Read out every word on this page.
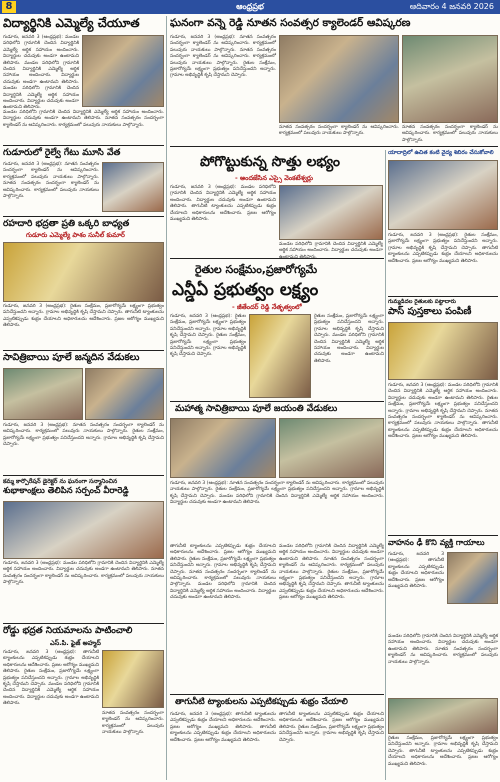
8	ఆంధ్రప్రభ	ఆదివారం 4 జనవరి 2026
విద్యార్థినికి ఎమ్మెల్యే చేయూత
గుడూరు, జనవరి 3 (ఆంధ్రప్రభ): మండల పరిధిలోని గ్రామానికి చెందిన విద్యార్థినికి ఎమ్మెల్యే ఆర్థిక సహాయం అందించారు. విద్యార్థుల చదువుకు అండగా ఉంటామని తెలిపారు. మండల పరిధిలోని గ్రామానికి చెందిన విద్యార్థినికి ఎమ్మెల్యే ఆర్థిక సహాయం అందించారు. విద్యార్థుల చదువుకు అండగా ఉంటామని తెలిపారు. మండల పరిధిలోని గ్రామానికి చెందిన విద్యార్థినికి ఎమ్మెల్యే ఆర్థిక సహాయం అందించారు. విద్యార్థుల చదువుకు అండగా ఉంటామని తెలిపారు.
మండల పరిధిలోని గ్రామానికి చెందిన విద్యార్థినికి ఎమ్మెల్యే ఆర్థిక సహాయం అందించారు. విద్యార్థుల చదువుకు అండగా ఉంటామని తెలిపారు. నూతన సంవత్సరం సందర్భంగా క్యాలెండర్ ను ఆవిష్కరించారు. కార్యక్రమంలో పలువురు నాయకులు పాల్గొన్నారు.
గుడూరులో రైల్వే గేటు మూసి వేత
గుడూరు, జనవరి 3 (ఆంధ్రప్రభ): నూతన సంవత్సరం సందర్భంగా క్యాలెండర్ ను ఆవిష్కరించారు. కార్యక్రమంలో పలువురు నాయకులు పాల్గొన్నారు. నూతన సంవత్సరం సందర్భంగా క్యాలెండర్ ను ఆవిష్కరించారు. కార్యక్రమంలో పలువురు నాయకులు పాల్గొన్నారు.
రహదారి భద్రతా ప్రతి ఒక్కరి బాధ్యత
గుడూరు ఎమ్మెల్యే పాశం సునీల్ కుమార్
గుడూరు, జనవరి 3 (ఆంధ్రప్రభ): రైతుల సంక్షేమం, ప్రజారోగ్యమే లక్ష్యంగా ప్రభుత్వం పనిచేస్తుందని అన్నారు. గ్రామాల అభివృద్ధికి కృషి చేస్తామని చెప్పారు. తాగునీటి ట్యాంకులను ఎప్పటికప్పుడు శుభ్రం చేయాలని అధికారులను ఆదేశించారు. ప్రజల ఆరోగ్యం ముఖ్యమని తెలిపారు.
సావిత్రిబాయి పూలే జన్మదిన వేడుకలు
గుడూరు, జనవరి 3 (ఆంధ్రప్రభ): నూతన సంవత్సరం సందర్భంగా క్యాలెండర్ ను ఆవిష్కరించారు. కార్యక్రమంలో పలువురు నాయకులు పాల్గొన్నారు. రైతుల సంక్షేమం, ప్రజారోగ్యమే లక్ష్యంగా ప్రభుత్వం పనిచేస్తుందని అన్నారు. గ్రామాల అభివృద్ధికి కృషి చేస్తామని చెప్పారు.
కమ్మ కార్పొరేషన్ డైరెక్టర్ ను ఘనంగా సన్మానించిన
శుభాకాంక్షలు తెలిపిన సర్పంచ్ వీరారెడ్డి
గుడూరు, జనవరి 3 (ఆంధ్రప్రభ): మండల పరిధిలోని గ్రామానికి చెందిన విద్యార్థినికి ఎమ్మెల్యే ఆర్థిక సహాయం అందించారు. విద్యార్థుల చదువుకు అండగా ఉంటామని తెలిపారు. నూతన సంవత్సరం సందర్భంగా క్యాలెండర్ ను ఆవిష్కరించారు. కార్యక్రమంలో పలువురు నాయకులు పాల్గొన్నారు.
రోడ్డు భద్రత నియమాలను పాటించాలి
ఎస్.పి. ఫైజ్ అహ్మద్
గుడూరు, జనవరి 3 (ఆంధ్రప్రభ): తాగునీటి ట్యాంకులను ఎప్పటికప్పుడు శుభ్రం చేయాలని అధికారులను ఆదేశించారు. ప్రజల ఆరోగ్యం ముఖ్యమని తెలిపారు. రైతుల సంక్షేమం, ప్రజారోగ్యమే లక్ష్యంగా ప్రభుత్వం పనిచేస్తుందని అన్నారు. గ్రామాల అభివృద్ధికి కృషి చేస్తామని చెప్పారు. మండల పరిధిలోని గ్రామానికి చెందిన విద్యార్థినికి ఎమ్మెల్యే ఆర్థిక సహాయం అందించారు. విద్యార్థుల చదువుకు అండగా ఉంటామని తెలిపారు.
నూతన సంవత్సరం సందర్భంగా క్యాలెండర్ ను ఆవిష్కరించారు. కార్యక్రమంలో పలువురు నాయకులు పాల్గొన్నారు.
ఘనంగా వన్నె రెడ్డి నూతన సంవత్సర క్యాలెండర్ ఆవిష్కరణ
గుడూరు, జనవరి 3 (ఆంధ్రప్రభ): నూతన సంవత్సరం సందర్భంగా క్యాలెండర్ ను ఆవిష్కరించారు. కార్యక్రమంలో పలువురు నాయకులు పాల్గొన్నారు. నూతన సంవత్సరం సందర్భంగా క్యాలెండర్ ను ఆవిష్కరించారు. కార్యక్రమంలో పలువురు నాయకులు పాల్గొన్నారు. రైతుల సంక్షేమం, ప్రజారోగ్యమే లక్ష్యంగా ప్రభుత్వం పనిచేస్తుందని అన్నారు. గ్రామాల అభివృద్ధికి కృషి చేస్తామని చెప్పారు.
నూతన సంవత్సరం సందర్భంగా క్యాలెండర్ ను ఆవిష్కరించారు. కార్యక్రమంలో పలువురు నాయకులు పాల్గొన్నారు.
నూతన సంవత్సరం సందర్భంగా క్యాలెండర్ ను ఆవిష్కరించారు. కార్యక్రమంలో పలువురు నాయకులు పాల్గొన్నారు.
పోగొట్టుకున్న సొత్తు లభ్యం
- అందజేసిన ఎస్సై వెంకటేశ్వర్లు
గుడూరు, జనవరి 3 (ఆంధ్రప్రభ): మండల పరిధిలోని గ్రామానికి చెందిన విద్యార్థినికి ఎమ్మెల్యే ఆర్థిక సహాయం అందించారు. విద్యార్థుల చదువుకు అండగా ఉంటామని తెలిపారు. తాగునీటి ట్యాంకులను ఎప్పటికప్పుడు శుభ్రం చేయాలని అధికారులను ఆదేశించారు. ప్రజల ఆరోగ్యం ముఖ్యమని తెలిపారు.
మండల పరిధిలోని గ్రామానికి చెందిన విద్యార్థినికి ఎమ్మెల్యే ఆర్థిక సహాయం అందించారు. విద్యార్థుల చదువుకు అండగా
రైతుల సంక్షేమం,ప్రజారోగ్యమే
ఎన్డీఏ ప్రభుత్వం లక్ష్యం
- జీతేందర్ రెడ్డి నేతృత్వంలో
గుడూరు, జనవరి 3 (ఆంధ్రప్రభ): రైతుల సంక్షేమం, ప్రజారోగ్యమే లక్ష్యంగా ప్రభుత్వం పనిచేస్తుందని అన్నారు. గ్రామాల అభివృద్ధికి కృషి చేస్తామని చెప్పారు. రైతుల సంక్షేమం, ప్రజారోగ్యమే లక్ష్యంగా ప్రభుత్వం పనిచేస్తుందని అన్నారు. గ్రామాల అభివృద్ధికి కృషి చేస్తామని చెప్పారు.
రైతుల సంక్షేమం, ప్రజారోగ్యమే లక్ష్యంగా ప్రభుత్వం పనిచేస్తుందని అన్నారు. గ్రామాల అభివృద్ధికి కృషి చేస్తామని చెప్పారు. మండల పరిధిలోని గ్రామానికి చెందిన విద్యార్థినికి ఎమ్మెల్యే ఆర్థిక సహాయం అందించారు. విద్యార్థుల చదువుకు అండగా ఉంటామని తెలిపారు.
మహాత్మ సావిత్రిబాయి పూలే జయంతి వేడుకలు
గుడూరు, జనవరి 3 (ఆంధ్రప్రభ): నూతన సంవత్సరం సందర్భంగా క్యాలెండర్ ను ఆవిష్కరించారు. కార్యక్రమంలో పలువురు నాయకులు పాల్గొన్నారు. రైతుల సంక్షేమం, ప్రజారోగ్యమే లక్ష్యంగా ప్రభుత్వం పనిచేస్తుందని అన్నారు. గ్రామాల అభివృద్ధికి కృషి చేస్తామని చెప్పారు. మండల పరిధిలోని గ్రామానికి చెందిన విద్యార్థినికి ఎమ్మెల్యే ఆర్థిక సహాయం అందించారు. విద్యార్థుల చదువుకు అండగా ఉంటామని తెలిపారు.
తాగునీటి ట్యాంకులను ఎప్పటికప్పుడు శుభ్రం చేయాలని అధికారులను ఆదేశించారు. ప్రజల ఆరోగ్యం ముఖ్యమని తెలిపారు. రైతుల సంక్షేమం, ప్రజారోగ్యమే లక్ష్యంగా ప్రభుత్వం పనిచేస్తుందని అన్నారు. గ్రామాల అభివృద్ధికి కృషి చేస్తామని చెప్పారు. నూతన సంవత్సరం సందర్భంగా క్యాలెండర్ ను ఆవిష్కరించారు. కార్యక్రమంలో పలువురు నాయకులు పాల్గొన్నారు. మండల పరిధిలోని గ్రామానికి చెందిన విద్యార్థినికి ఎమ్మెల్యే ఆర్థిక సహాయం అందించారు. విద్యార్థుల చదువుకు అండగా ఉంటామని తెలిపారు.
మండల పరిధిలోని గ్రామానికి చెందిన విద్యార్థినికి ఎమ్మెల్యే ఆర్థిక సహాయం అందించారు. విద్యార్థుల చదువుకు అండగా ఉంటామని తెలిపారు. నూతన సంవత్సరం సందర్భంగా క్యాలెండర్ ను ఆవిష్కరించారు. కార్యక్రమంలో పలువురు నాయకులు పాల్గొన్నారు. రైతుల సంక్షేమం, ప్రజారోగ్యమే లక్ష్యంగా ప్రభుత్వం పనిచేస్తుందని అన్నారు. గ్రామాల అభివృద్ధికి కృషి చేస్తామని చెప్పారు. తాగునీటి ట్యాంకులను ఎప్పటికప్పుడు శుభ్రం చేయాలని అధికారులను ఆదేశించారు. ప్రజల ఆరోగ్యం ముఖ్యమని తెలిపారు.
తాగునీటి ట్యాంకులను ఎప్పటికప్పుడు శుభ్రం చేయాలి
గుడూరు, జనవరి 3 (ఆంధ్రప్రభ): తాగునీటి ట్యాంకులను ఎప్పటికప్పుడు శుభ్రం చేయాలని అధికారులను ఆదేశించారు. ప్రజల ఆరోగ్యం ముఖ్యమని తెలిపారు. తాగునీటి ట్యాంకులను ఎప్పటికప్పుడు శుభ్రం చేయాలని అధికారులను ఆదేశించారు. ప్రజల ఆరోగ్యం ముఖ్యమని తెలిపారు.
తాగునీటి ట్యాంకులను ఎప్పటికప్పుడు శుభ్రం చేయాలని అధికారులను ఆదేశించారు. ప్రజల ఆరోగ్యం ముఖ్యమని తెలిపారు. రైతుల సంక్షేమం, ప్రజారోగ్యమే లక్ష్యంగా ప్రభుత్వం పనిచేస్తుందని అన్నారు. గ్రామాల అభివృద్ధికి కృషి చేస్తామని చెప్పారు.
యాదాద్రిలో ఉచిత కంటి వైద్య శిబిరం చేసుకోవాలి
గుడూరు, జనవరి 3 (ఆంధ్రప్రభ): రైతుల సంక్షేమం, ప్రజారోగ్యమే లక్ష్యంగా ప్రభుత్వం పనిచేస్తుందని అన్నారు. గ్రామాల అభివృద్ధికి కృషి చేస్తామని చెప్పారు. తాగునీటి ట్యాంకులను ఎప్పటికప్పుడు శుభ్రం చేయాలని అధికారులను ఆదేశించారు. ప్రజల ఆరోగ్యం ముఖ్యమని తెలిపారు.
గుమ్మడిదల రైతులకు పట్టాదారు
పాస్ పుస్తకాలు పంపిణీ
గుడూరు, జనవరి 3 (ఆంధ్రప్రభ): మండల పరిధిలోని గ్రామానికి చెందిన విద్యార్థినికి ఎమ్మెల్యే ఆర్థిక సహాయం అందించారు. విద్యార్థుల చదువుకు అండగా ఉంటామని తెలిపారు. రైతుల సంక్షేమం, ప్రజారోగ్యమే లక్ష్యంగా ప్రభుత్వం పనిచేస్తుందని అన్నారు. గ్రామాల అభివృద్ధికి కృషి చేస్తామని చెప్పారు. నూతన సంవత్సరం సందర్భంగా క్యాలెండర్ ను ఆవిష్కరించారు. కార్యక్రమంలో పలువురు నాయకులు పాల్గొన్నారు. తాగునీటి ట్యాంకులను ఎప్పటికప్పుడు శుభ్రం చేయాలని అధికారులను ఆదేశించారు. ప్రజల ఆరోగ్యం ముఖ్యమని తెలిపారు.
వాహనం ఢీ కొని వ్యక్తి గాయాలు
గుడూరు, జనవరి 3 (ఆంధ్రప్రభ):	తాగునీటి ట్యాంకులను ఎప్పటికప్పుడు శుభ్రం చేయాలని అధికారులను ఆదేశించారు. ప్రజల ఆరోగ్యం ముఖ్యమని తెలిపారు.
మండల పరిధిలోని గ్రామానికి చెందిన విద్యార్థినికి ఎమ్మెల్యే ఆర్థిక సహాయం అందించారు. విద్యార్థుల చదువుకు అండగా ఉంటామని తెలిపారు. నూతన సంవత్సరం సందర్భంగా క్యాలెండర్ ను ఆవిష్కరించారు. కార్యక్రమంలో పలువురు నాయకులు పాల్గొన్నారు.
రైతుల సంక్షేమం, ప్రజారోగ్యమే లక్ష్యంగా ప్రభుత్వం పనిచేస్తుందని అన్నారు. గ్రామాల అభివృద్ధికి కృషి చేస్తామని చెప్పారు. తాగునీటి ట్యాంకులను ఎప్పటికప్పుడు శుభ్రం చేయాలని అధికారులను ఆదేశించారు. ప్రజల ఆరోగ్యం ముఖ్యమని తెలిపారు.
